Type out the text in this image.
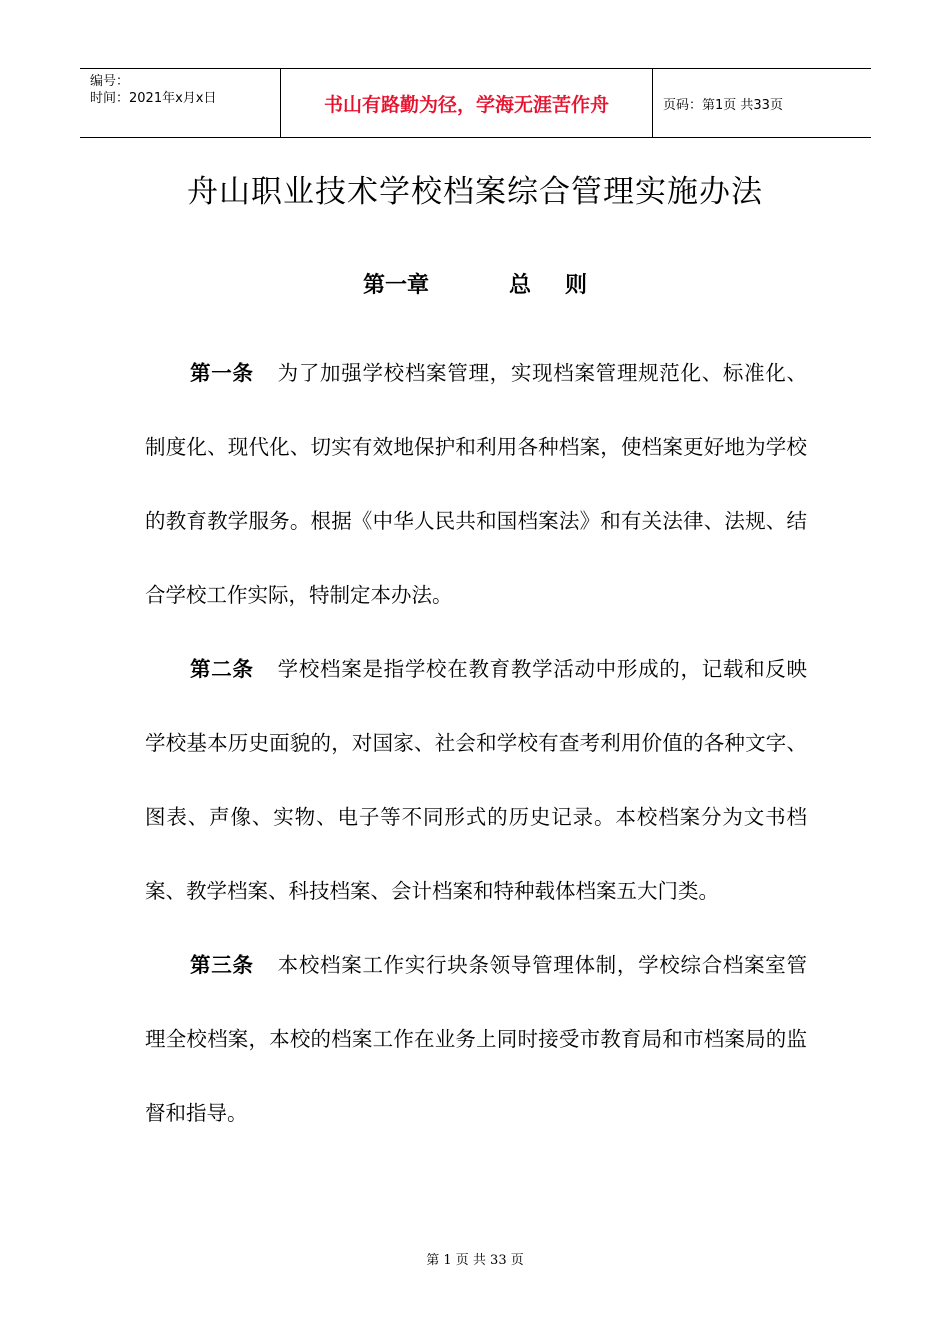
编号：
时间：2021年x月x日	书山有路勤为径，学海无涯苦作舟	页码：第1页 共33页
舟山职业技术学校档案综合管理实施办法
第一章	总 则

第一条 为了加强学校档案管理，实现档案管理规范化、标准化、制度化、现代化、切实有效地保护和利用各种档案，使档案更好地为学校的教育教学服务。根据《中华人民共和国档案法》和有关法律、法规、结合学校工作实际，特制定本办法。

第二条 学校档案是指学校在教育教学活动中形成的，记载和反映学校基本历史面貌的，对国家、社会和学校有查考利用价值的各种文字、图表、声像、实物、电子等不同形式的历史记录。本校档案分为文书档案、教学档案、科技档案、会计档案和特种载体档案五大门类。

第三条 本校档案工作实行块条领导管理体制，学校综合档案室管理全校档案，本校的档案工作在业务上同时接受市教育局和市档案局的监督和指导。

第 1 页 共 33 页
